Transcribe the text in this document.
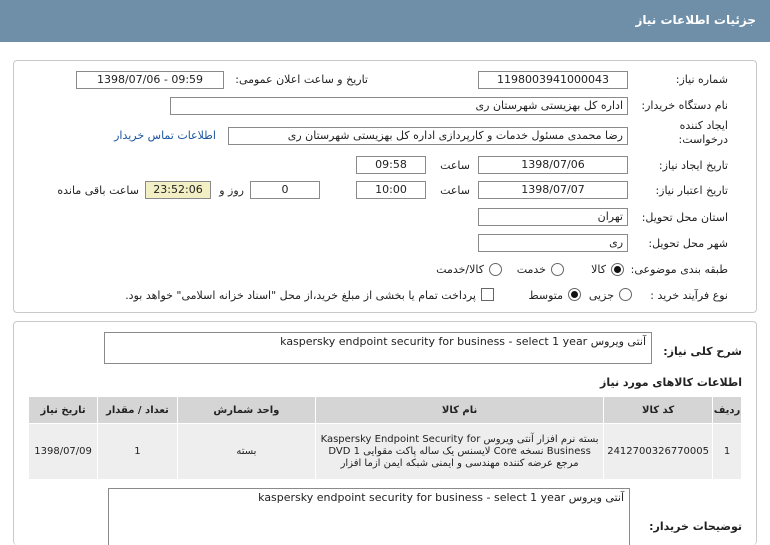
جزئیات اطلاعات نیاز
شماره نیاز:
1198003941000043
تاریخ و ساعت اعلان عمومی:
1398/07/06 - 09:59
نام دستگاه خریدار:
اداره کل بهزیستی شهرستان ری
ایجاد کننده
درخواست:
رضا محمدی مسئول خدمات و کارپردازی اداره کل بهزیستی شهرستان ری
اطلاعات تماس خریدار
تاریخ ایجاد نیاز:
1398/07/06
ساعت
09:58
تاریخ اعتبار نیاز:
1398/07/07
ساعت
10:00
0
روز و
23:52:06
ساعت باقی مانده
استان محل تحویل:
تهران
شهر محل تحویل:
ری
طبقه بندی موضوعی:
کالا
خدمت
کالا/خدمت
نوع فرآیند خرید :
جزیی
متوسط
پرداخت تمام یا بخشی از مبلغ خرید،از محل "اسناد خزانه اسلامی" خواهد بود.
شرح کلی نیاز:
آنتی ویروس kaspersky endpoint security for business - select 1 year
اطلاعات کالاهای مورد نیاز
تاریخ نیاز	تعداد / مقدار	واحد شمارش	نام کالا	کد کالا	ردیف
1398/07/09	1	بسته	بسته نرم افزار آنتی ویروس Kaspersky Endpoint Security for Business نسخه Core لایسنس یک ساله پاکت مقوایی 1 DVD مرجع عرضه کننده مهندسی و ایمنی شبکه ایمن ازما افزار	2412700326770005	1
توضیحات خریدار:
آنتی ویروس kaspersky endpoint security for business - select 1 year
